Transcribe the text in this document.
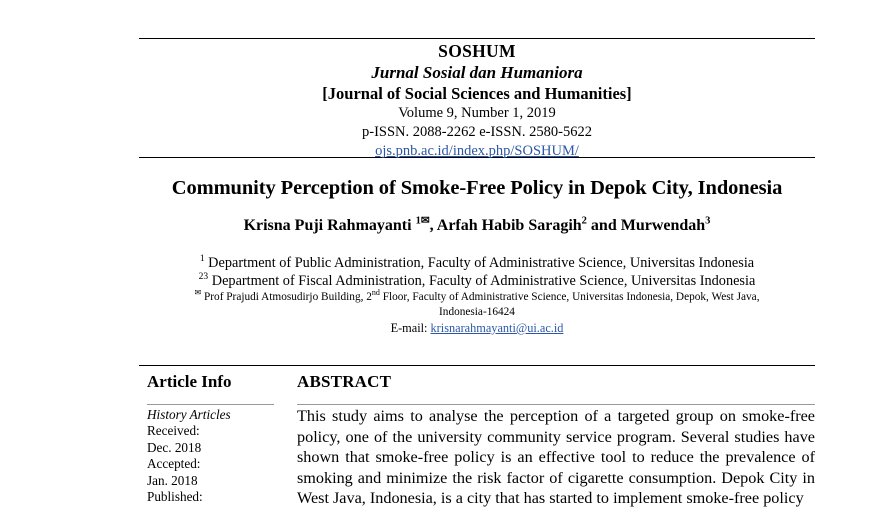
SOSHUM
Jurnal Sosial dan Humaniora
[Journal of Social Sciences and Humanities]
Volume 9, Number 1, 2019
p-ISSN. 2088-2262 e-ISSN. 2580-5622
ojs.pnb.ac.id/index.php/SOSHUM/
Community Perception of Smoke-Free Policy in Depok City, Indonesia
Krisna Puji Rahmayanti $^{1✉}$, Arfah Habib Saragih$^2$ and Murwendah$^3$
$^1$ Department of Public Administration, Faculty of Administrative Science, Universitas Indonesia
$^{23}$ Department of Fiscal Administration, Faculty of Administrative Science, Universitas Indonesia
✉ Prof Prajudi Atmosudirjo Building, 2nd Floor, Faculty of Administrative Science, Universitas Indonesia, Depok, West Java,
Indonesia-16424
E-mail: krisnarahmayanti@ui.ac.id
Article Info
History Articles
Received:
Dec. 2018
Accepted:
Jan. 2018
Published:
ABSTRACT
This study aims to analyse the perception of a targeted group on smoke-free policy, one of the university community service program. Several studies have shown that smoke-free policy is an effective tool to reduce the prevalence of smoking and minimize the risk factor of cigarette consumption. Depok City in West Java, Indonesia, is a city that has started to implement smoke-free policy
